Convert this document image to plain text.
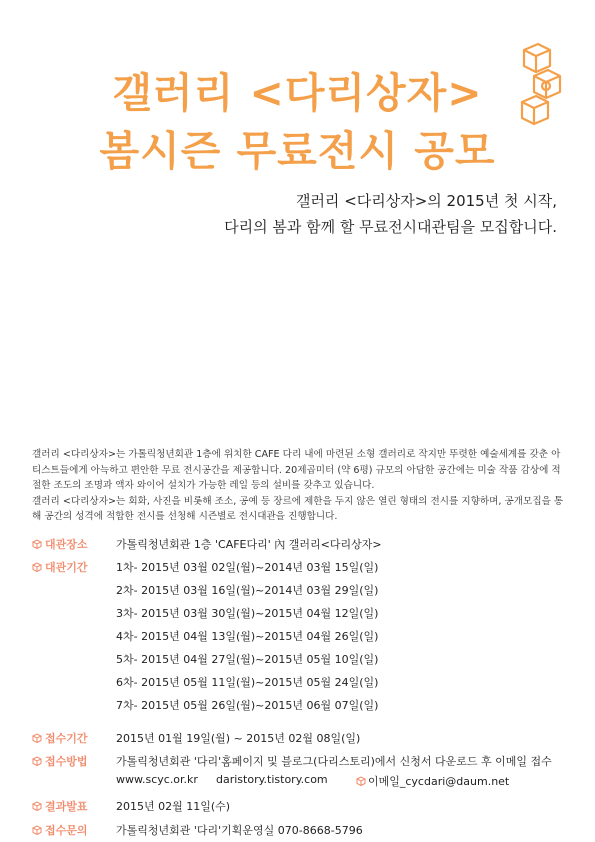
갤러리 <다리상자>
봄시즌 무료전시 공모
갤러리 <다리상자>의 2015년 첫 시작,
다리의 봄과 함께 할 무료전시대관팀을 모집합니다.

갤러리 <다리상자>는 가톨릭청년회관 1층에 위치한 CAFE 다리 내에 마련된 소형 갤러리로 작지만 뚜렷한 예술세계를 갖춘 아티스트들에게 아늑하고 편안한 무료 전시공간을 제공합니다. 20제곱미터 (약 6평) 규모의 아담한 공간에는 미술 작품 감상에 적절한 조도의 조명과 액자 와이어 설치가 가능한 레일 등의 설비를 갖추고 있습니다.

갤러리 <다리상자>는 회화, 사진을 비롯해 조소, 공예 등 장르에 제한을 두지 않은 열린 형태의 전시를 지향하며, 공개모집을 통해 공간의 성격에 적합한 전시를 선청해 시즌별로 전시대관을 진행합니다.

대관장소	가톨릭청년회관 1층 'CAFE다리' 內 갤러리<다리상자>
대관기간	1차- 2015년 03월 02일(월)~2014년 03월 15일(일)
2차- 2015년 03월 16일(월)~2014년 03월 29일(일)
3차- 2015년 03월 30일(월)~2015년 04월 12일(일)
4차- 2015년 04월 13일(월)~2015년 04월 26일(일)
5차- 2015년 04월 27일(월)~2015년 05월 10일(일)
6차- 2015년 05월 11일(월)~2015년 05월 24일(일)
7차- 2015년 05월 26일(월)~2015년 06월 07일(일)
접수기간	2015년 01월 19일(월) ~ 2015년 02월 08일(일)
접수방법	가톨릭청년회관 '다리'홈페이지 및 블로그(다리스토리)에서 신청서 다운로드 후 이메일 접수
www.scyc.or.kr daristory.tistory.com	이메일_cycdari@daum.net
결과발표	2015년 02월 11일(수)
접수문의	가톨릭청년회관 '다리'기획운영실 070-8668-5796
